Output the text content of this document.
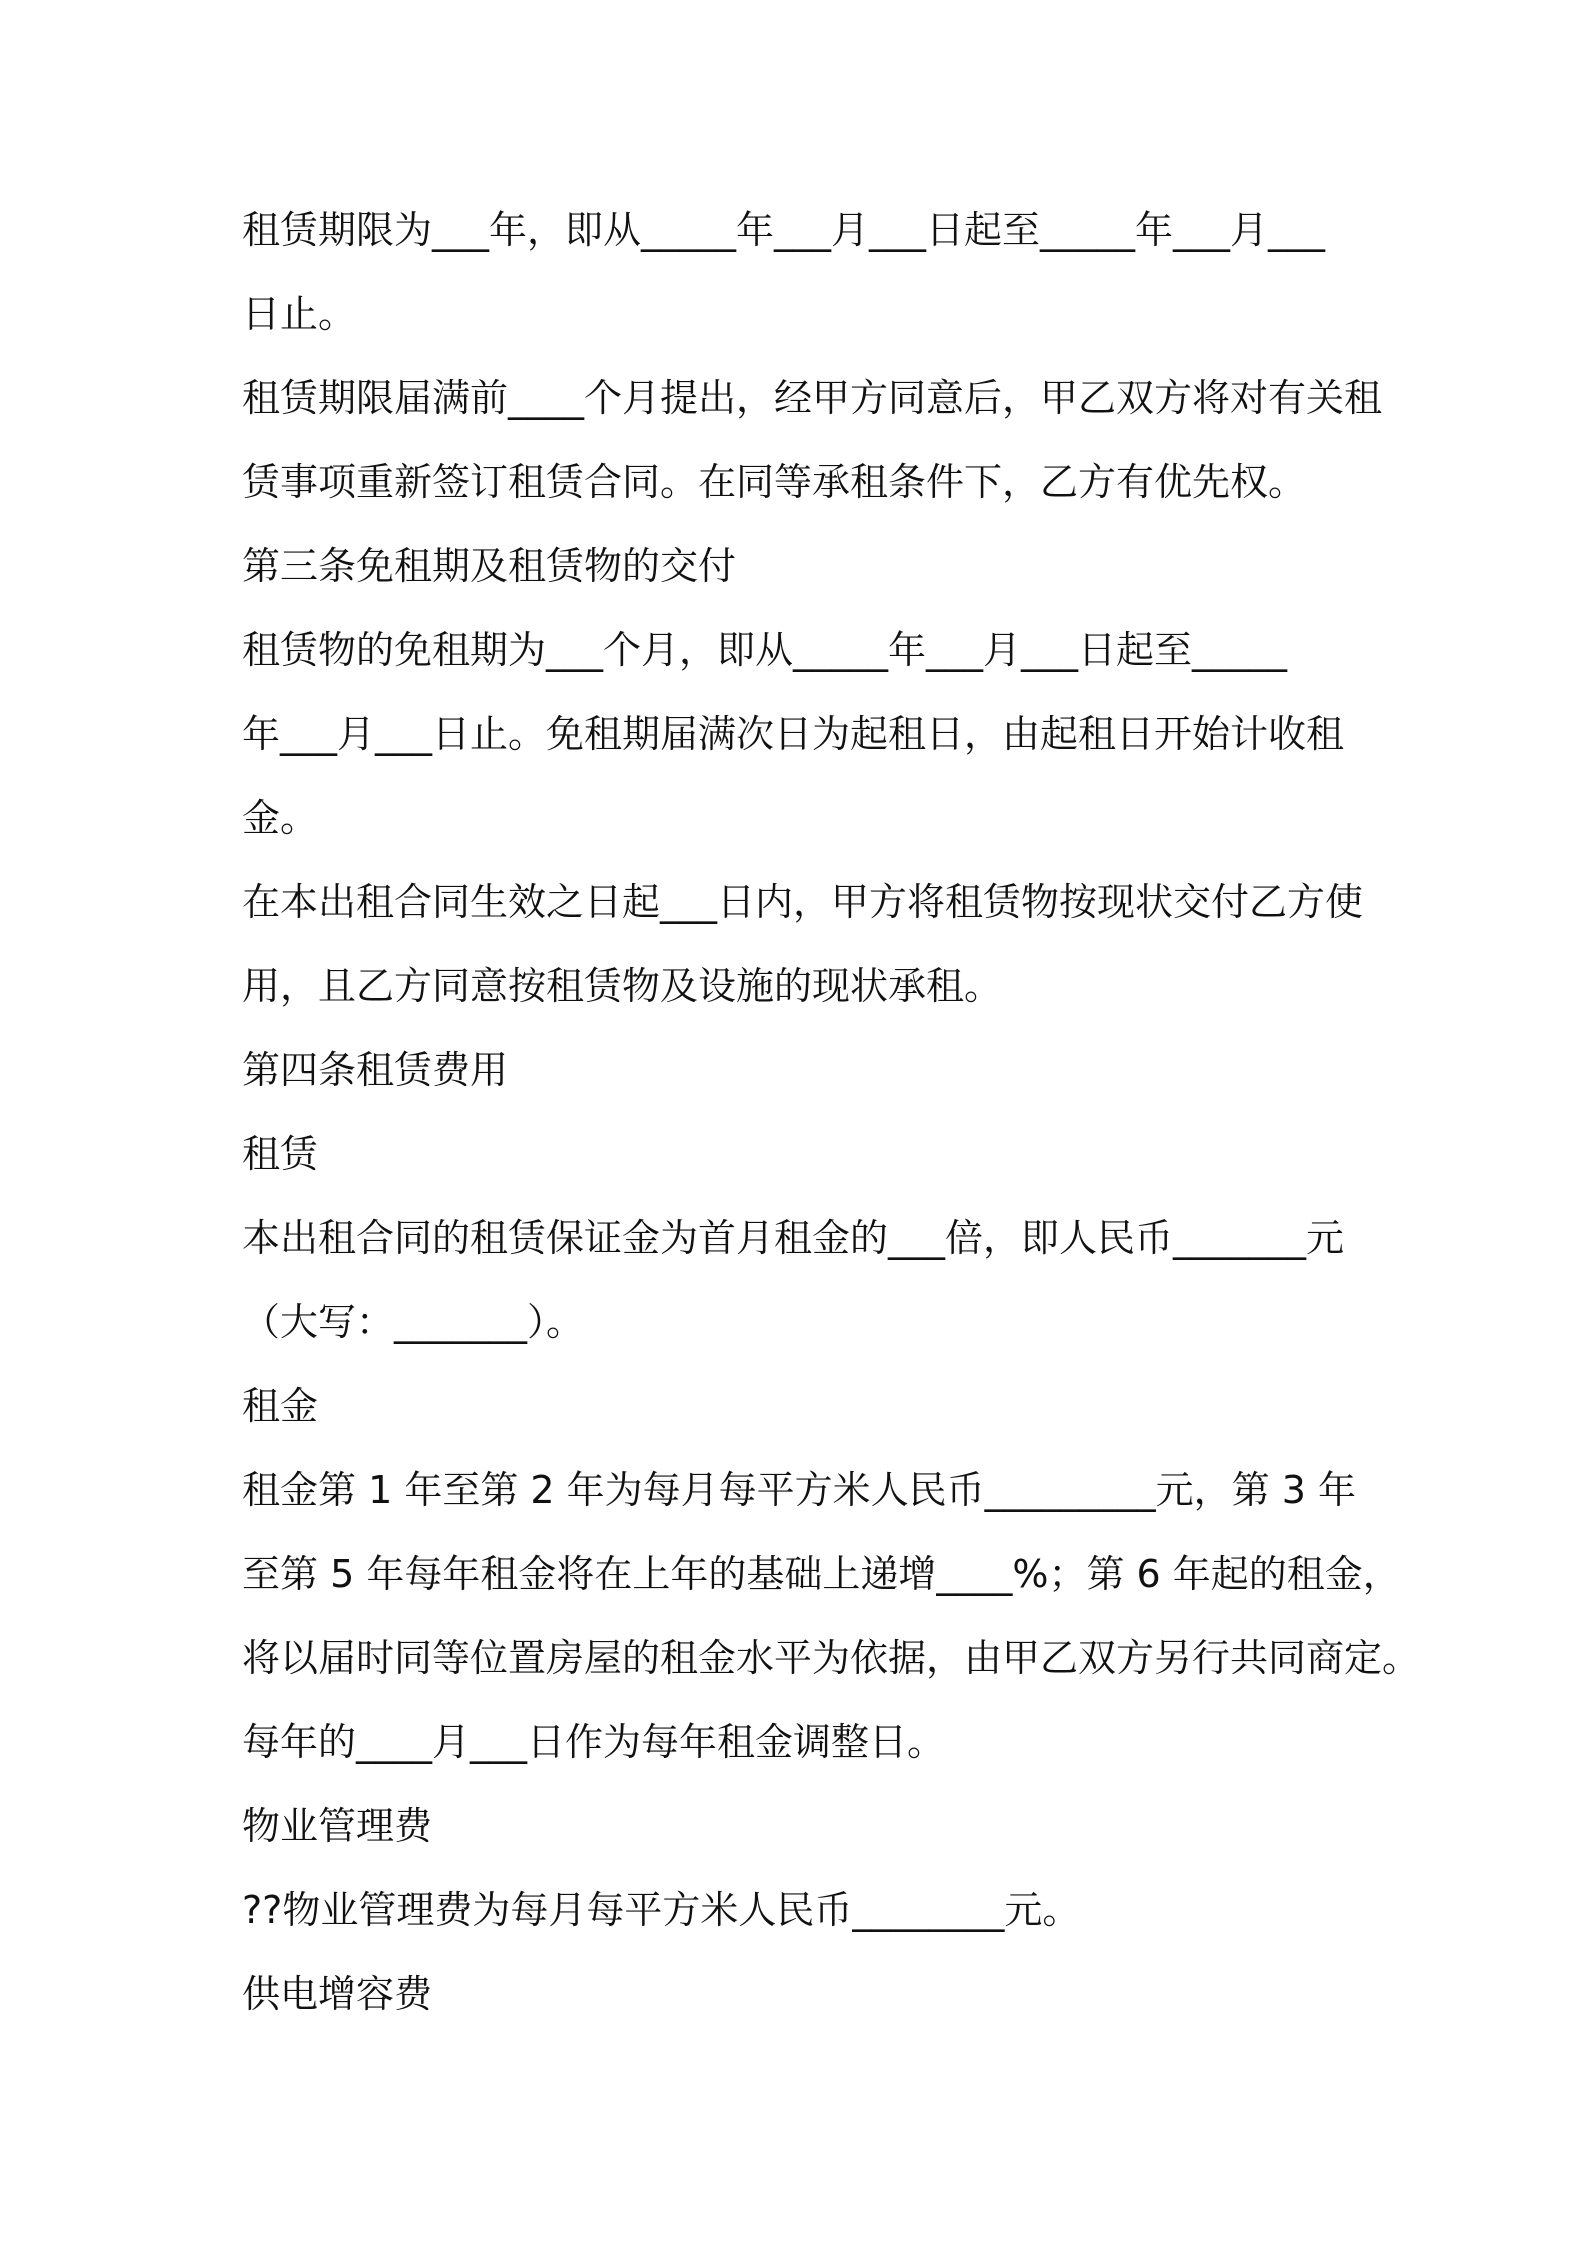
租赁期限为___年，即从_____年___月___日起至_____年___月___
日止。
租赁期限届满前____个月提出，经甲方同意后，甲乙双方将对有关租
赁事项重新签订租赁合同。在同等承租条件下，乙方有优先权。
第三条免租期及租赁物的交付
租赁物的免租期为___个月，即从_____年___月___日起至_____
年___月___日止。免租期届满次日为起租日，由起租日开始计收租
金。
在本出租合同生效之日起___日内，甲方将租赁物按现状交付乙方使
用，且乙方同意按租赁物及设施的现状承租。
第四条租赁费用
租赁
本出租合同的租赁保证金为首月租金的___倍，即人民币_______元
（大写：_______）。
租金
租金第 1 年至第 2 年为每月每平方米人民币_________元，第 3 年
至第 5 年每年租金将在上年的基础上递增____%；第 6 年起的租金，
将以届时同等位置房屋的租金水平为依据，由甲乙双方另行共同商定。
每年的____月___日作为每年租金调整日。
物业管理费
??物业管理费为每月每平方米人民币________元。
供电增容费
